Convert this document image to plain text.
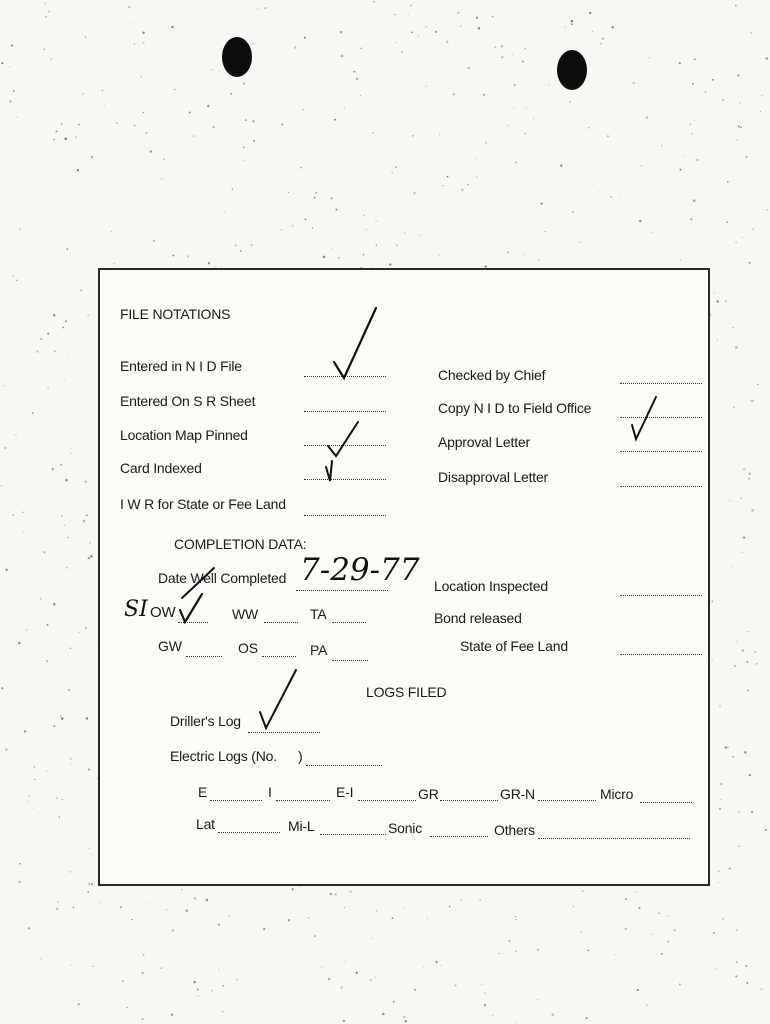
FILE NOTATIONS
Entered in N I D File
Entered On S R Sheet
Location Map Pinned
Card Indexed
I W R for State or Fee Land
Checked by Chief
Copy N I D to Field Office
Approval Letter
Disapproval Letter
COMPLETION DATA:
Date Well Completed 7-29-77
SI OW	WW	TA
GW	OS	PA
Location Inspected
Bond released
State of Fee Land
LOGS FILED
Driller's Log
Electric Logs (No. )
E	I	E-I	GR	GR-N	Micro
Lat	Mi-L	Sonic	Others
